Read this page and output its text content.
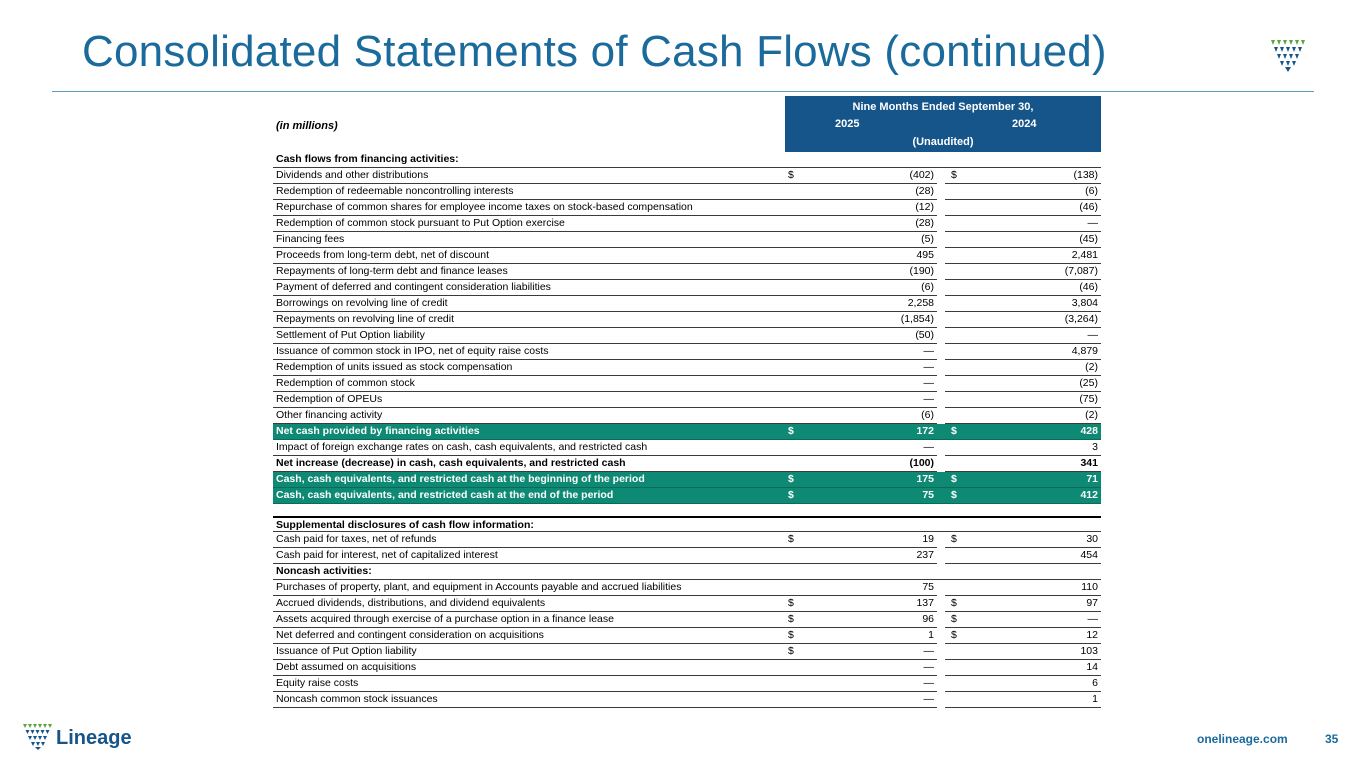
Consolidated Statements of Cash Flows (continued)
(in millions)
Nine Months Ended September 30,
2025	2024
(Unaudited)
Cash flows from financing activities:
Dividends and other distributions	$	(402) $	(138)
Redemption of redeemable noncontrolling interests	(28)	(6)
Repurchase of common shares for employee income taxes on stock-based compensation	(12)	(46)
Redemption of common stock pursuant to Put Option exercise	(28)	—
Financing fees	(5)	(45)
Proceeds from long-term debt, net of discount	495	2,481
Repayments of long-term debt and finance leases	(190)	(7,087)
Payment of deferred and contingent consideration liabilities	(6)	(46)
Borrowings on revolving line of credit	2,258	3,804
Repayments on revolving line of credit	(1,854)	(3,264)
Settlement of Put Option liability	(50)	—
Issuance of common stock in IPO, net of equity raise costs	—	4,879
Redemption of units issued as stock compensation	—	(2)
Redemption of common stock	—	(25)
Redemption of OPEUs	—	(75)
Other financing activity	(6)	(2)
Net cash provided by financing activities	$	172 $	428
Impact of foreign exchange rates on cash, cash equivalents, and restricted cash	—	3
Net increase (decrease) in cash, cash equivalents, and restricted cash	(100)	341
Cash, cash equivalents, and restricted cash at the beginning of the period	$	175 $	71
Cash, cash equivalents, and restricted cash at the end of the period	$	75 $	412
Supplemental disclosures of cash flow information:
Cash paid for taxes, net of refunds	$	19 $	30
Cash paid for interest, net of capitalized interest	237	454
Noncash activities:
Purchases of property, plant, and equipment in Accounts payable and accrued liabilities	75	110
Accrued dividends, distributions, and dividend equivalents	$	137 $	97
Assets acquired through exercise of a purchase option in a finance lease	$	96 $	—
Net deferred and contingent consideration on acquisitions	$	1 $	12
Issuance of Put Option liability	$	—	103
Debt assumed on acquisitions	—	14
Equity raise costs	—	6
Noncash common stock issuances	—	1
Lineage	onelineage.com	35
